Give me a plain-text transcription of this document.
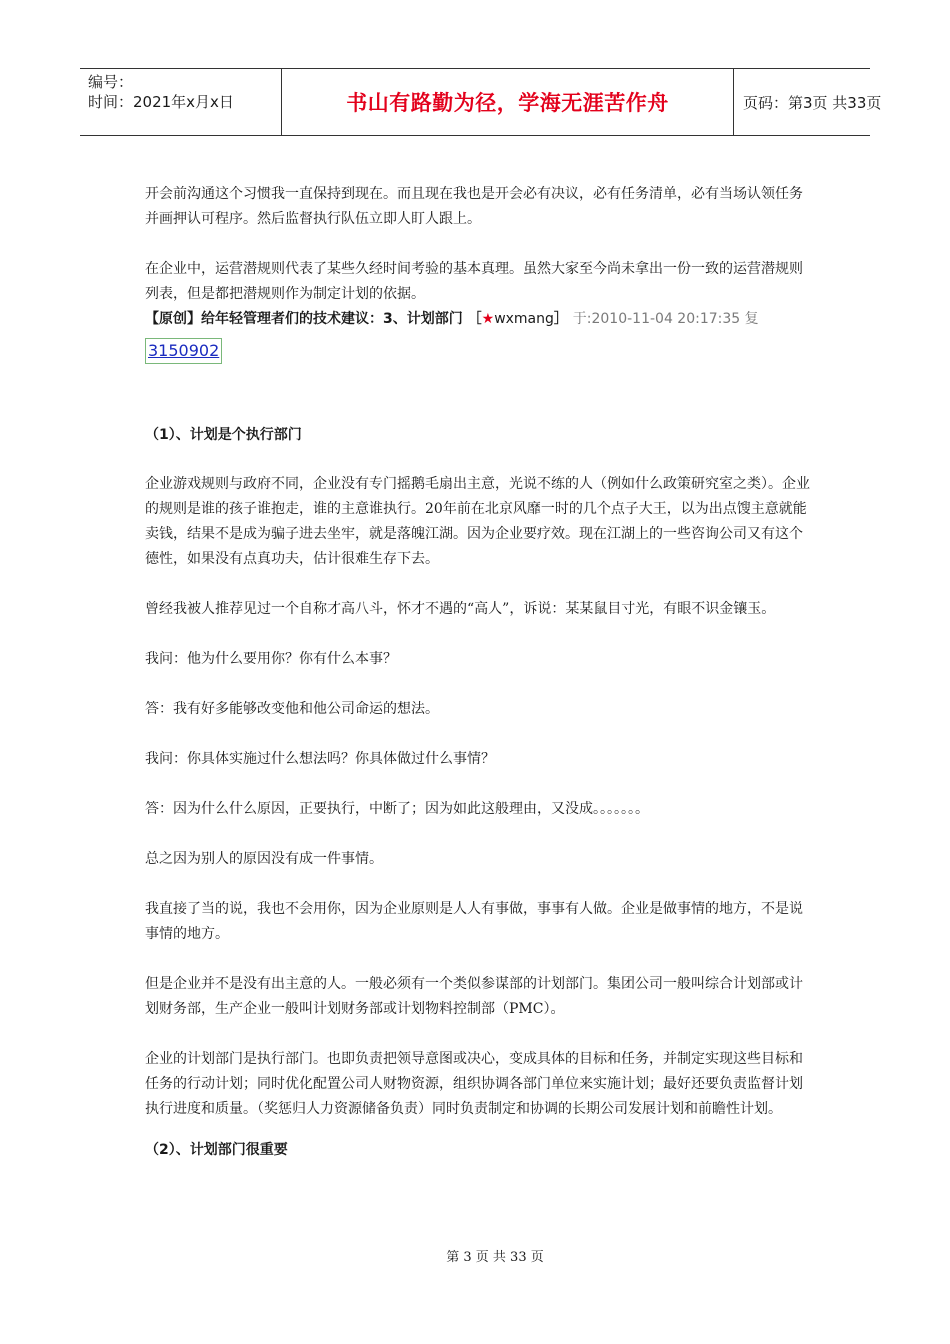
编号：
时间：2021年x月x日	书山有路勤为径，学海无涯苦作舟	页码：第3页 共33页

开会前沟通这个习惯我一直保持到现在。而且现在我也是开会必有决议，必有任务清单，必有当场认领任务并画押认可程序。然后监督执行队伍立即人盯人跟上。

在企业中，运营潜规则代表了某些久经时间考验的基本真理。虽然大家至今尚未拿出一份一致的运营潜规则列表，但是都把潜规则作为制定计划的依据。

【原创】给年轻管理者们的技术建议：3、计划部门 ［★wxmang］ 于:2010-11-04 20:17:35 复
3150902

（1）、计划是个执行部门

企业游戏规则与政府不同，企业没有专门摇鹅毛扇出主意，光说不练的人（例如什么政策研究室之类）。企业的规则是谁的孩子谁抱走，谁的主意谁执行。20年前在北京风靡一时的几个点子大王，以为出点馊主意就能卖钱，结果不是成为骗子进去坐牢，就是落魄江湖。因为企业要疗效。现在江湖上的一些咨询公司又有这个德性，如果没有点真功夫，估计很难生存下去。

曾经我被人推荐见过一个自称才高八斗，怀才不遇的“高人”，诉说：某某鼠目寸光，有眼不识金镶玉。

我问：他为什么要用你？你有什么本事？

答：我有好多能够改变他和他公司命运的想法。

我问：你具体实施过什么想法吗？你具体做过什么事情？

答：因为什么什么原因，正要执行，中断了；因为如此这般理由，又没成。。。。。。。

总之因为别人的原因没有成一件事情。

我直接了当的说，我也不会用你，因为企业原则是人人有事做，事事有人做。企业是做事情的地方，不是说事情的地方。

但是企业并不是没有出主意的人。一般必须有一个类似参谋部的计划部门。集团公司一般叫综合计划部或计划财务部，生产企业一般叫计划财务部或计划物料控制部（PMC）。

企业的计划部门是执行部门。也即负责把领导意图或决心，变成具体的目标和任务，并制定实现这些目标和任务的行动计划；同时优化配置公司人财物资源，组织协调各部门单位来实施计划；最好还要负责监督计划执行进度和质量。（奖惩归人力资源储备负责）同时负责制定和协调的长期公司发展计划和前瞻性计划。

（2）、计划部门很重要

第 3 页 共 33 页
